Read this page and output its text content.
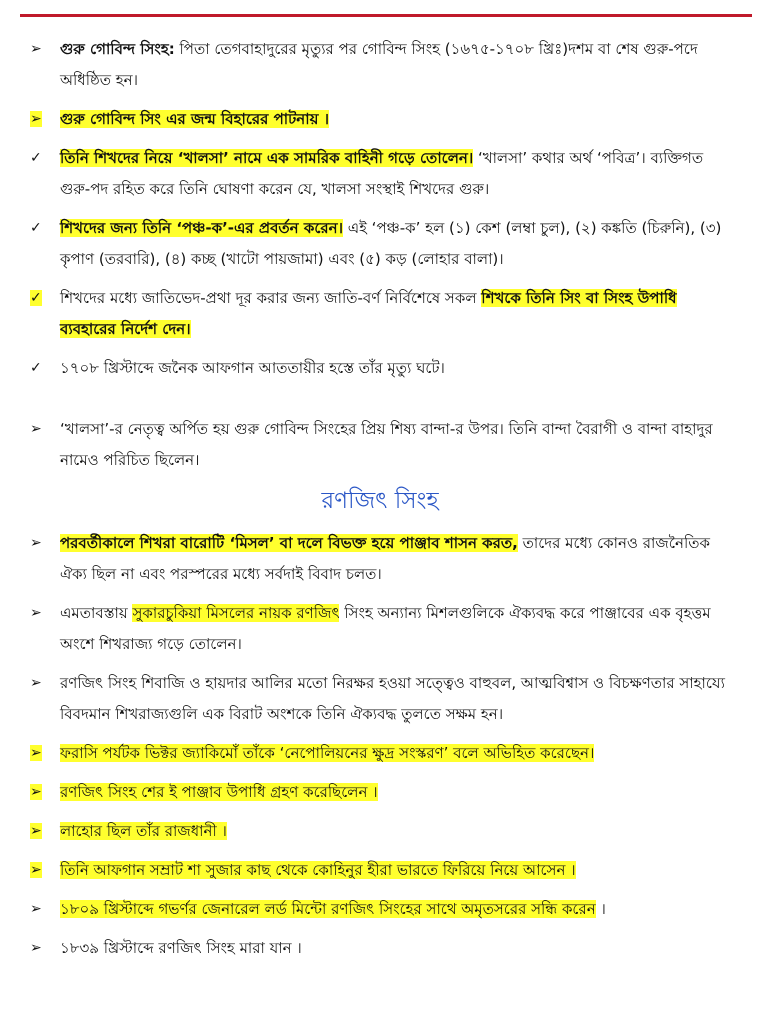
➢	গুরু গোবিন্দ সিংহ: পিতা তেগবাহাদুরের মৃত্যুর পর গোবিন্দ সিংহ (১৬৭৫-১৭০৮ খ্রিঃ)দশম বা শেষ গুরু-পদে অধিষ্ঠিত হন।
➢	গুরু গোবিন্দ সিং এর জন্ম বিহারের পাটনায় ।
✓	তিনি শিখদের নিয়ে ‘খালসা’ নামে এক সামরিক বাহিনী গড়ে তোলেন। ‘খালসা’ কথার অর্থ ‘পবিত্র’। ব্যক্তিগত গুরু-পদ রহিত করে তিনি ঘোষণা করেন যে, খালসা সংস্থাই শিখদের গুরু।
✓	শিখদের জন্য তিনি ‘পঞ্চ-ক’-এর প্রবর্তন করেন। এই ‘পঞ্চ-ক’ হল (১) কেশ (লম্বা চুল), (২) কঙ্কতি (চিরুনি), (৩) কৃপাণ (তরবারি), (৪) কচ্ছ (খাটো পায়জামা) এবং (৫) কড় (লোহার বালা)।
✓	শিখদের মধ্যে জাতিভেদ-প্রথা দূর করার জন্য জাতি-বর্ণ নির্বিশেষে সকল শিখকে তিনি সিং বা সিংহ উপাধি ব্যবহারের নির্দেশ দেন।
✓	১৭০৮ খ্রিস্টাব্দে জনৈক আফগান আততায়ীর হস্তে তাঁর মৃত্যু ঘটে।
➢	‘খালসা’-র নেতৃত্ব অর্পিত হয় গুরু গোবিন্দ সিংহের প্রিয় শিষ্য বান্দা-র উপর। তিনি বান্দা বৈরাগী ও বান্দা বাহাদুর নামেও পরিচিত ছিলেন।
রণজিৎ সিংহ
➢	পরবর্তীকালে শিখরা বারোটি ‘মিসল’ বা দলে বিভক্ত হয়ে পাঞ্জাব শাসন করত, তাদের মধ্যে কোনও রাজনৈতিক ঐক্য ছিল না এবং পরস্পরের মধ্যে সর্বদাই বিবাদ চলত।
➢	এমতাবস্তায় সুকারচুকিয়া মিসলের নায়ক রণজিৎ সিংহ অন্যান্য মিশলগুলিকে ঐক্যবদ্ধ করে পাঞ্জাবের এক বৃহত্তম অংশে শিখরাজ্য গড়ে তোলেন।
➢	রণজিৎ সিংহ শিবাজি ও হায়দার আলির মতো নিরক্ষর হওয়া সত্ত্বেও বাহুবল, আত্মবিশ্বাস ও বিচক্ষণতার সাহায্যে বিবদমান শিখরাজ্যগুলি এক বিরাট অংশকে তিনি ঐক্যবদ্ধ তুলতে সক্ষম হন।
➢	ফরাসি পর্যটক ভিক্টর জ্যাকিমোঁ তাঁকে ‘নেপোলিয়নের ক্ষুদ্র সংস্করণ’ বলে অভিহিত করেছেন।
➢	রণজিৎ সিংহ শের ই পাঞ্জাব উপাধি গ্রহণ করেছিলেন ।
➢	লাহোর ছিল তাঁর রাজধানী ।
➢	তিনি আফগান সম্রাট শা সুজার কাছ থেকে কোহিনুর হীরা ভারতে ফিরিয়ে নিয়ে আসেন ।
➢	১৮০৯ খ্রিস্টাব্দে গভর্ণর জেনারেল লর্ড মিন্টো রণজিৎ সিংহের সাথে অমৃতসরের সন্ধি করেন ।
➢	১৮৩৯ খ্রিস্টাব্দে রণজিৎ সিংহ মারা যান ।
